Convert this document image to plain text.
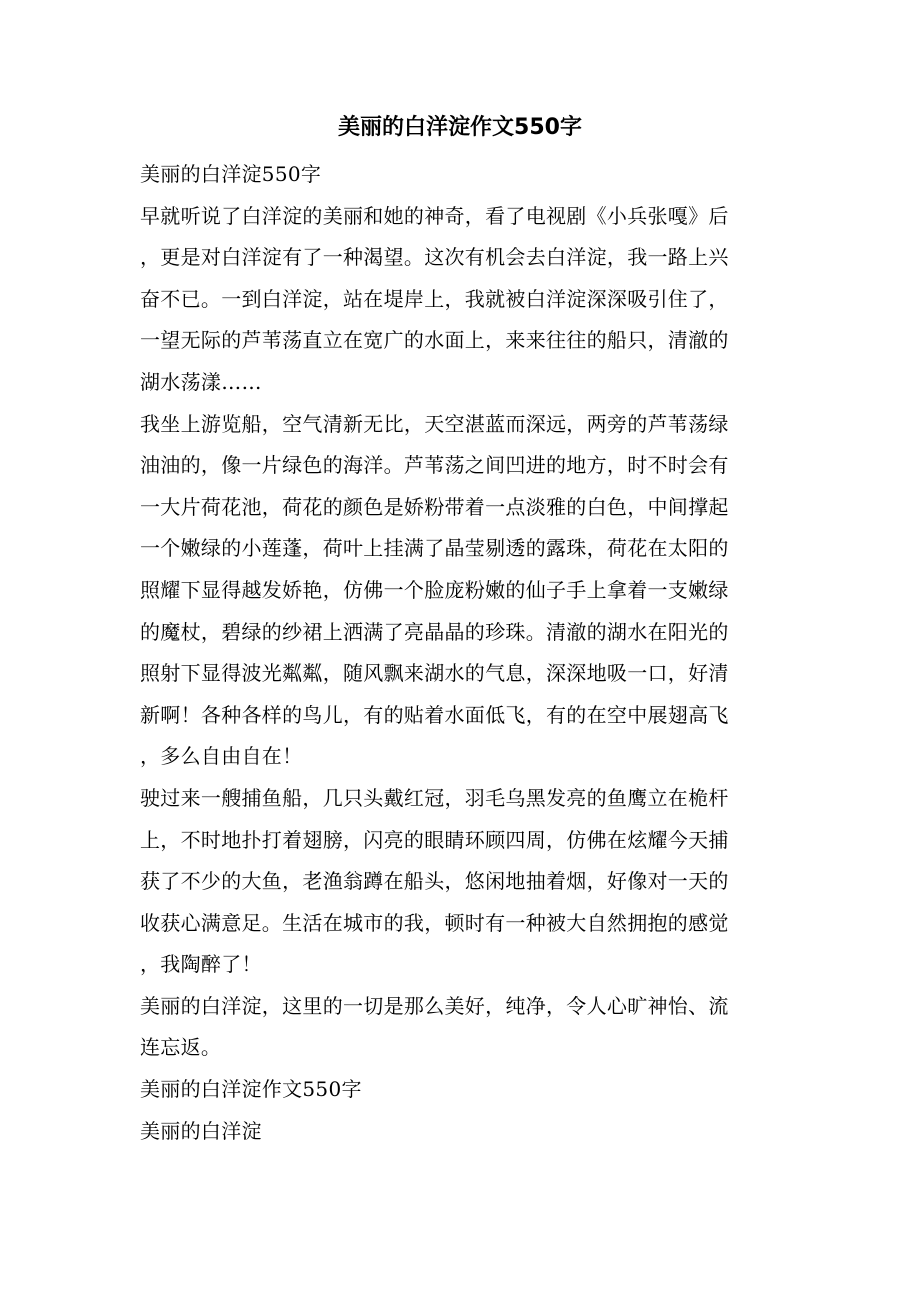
美丽的白洋淀作文550字

美丽的白洋淀550字

早就听说了白洋淀的美丽和她的神奇，看了电视剧《小兵张嘎》后
，更是对白洋淀有了一种渴望。这次有机会去白洋淀，我一路上兴
奋不已。一到白洋淀，站在堤岸上，我就被白洋淀深深吸引住了，
一望无际的芦苇荡直立在宽广的水面上，来来往往的船只，清澈的
湖水荡漾……

我坐上游览船，空气清新无比，天空湛蓝而深远，两旁的芦苇荡绿
油油的，像一片绿色的海洋。芦苇荡之间凹进的地方，时不时会有
一大片荷花池，荷花的颜色是娇粉带着一点淡雅的白色，中间撑起
一个嫩绿的小莲蓬，荷叶上挂满了晶莹剔透的露珠，荷花在太阳的
照耀下显得越发娇艳，仿佛一个脸庞粉嫩的仙子手上拿着一支嫩绿
的魔杖，碧绿的纱裙上洒满了亮晶晶的珍珠。清澈的湖水在阳光的
照射下显得波光粼粼，随风飘来湖水的气息，深深地吸一口，好清
新啊！各种各样的鸟儿，有的贴着水面低飞，有的在空中展翅高飞
，多么自由自在！

驶过来一艘捕鱼船，几只头戴红冠，羽毛乌黑发亮的鱼鹰立在桅杆
上，不时地扑打着翅膀，闪亮的眼睛环顾四周，仿佛在炫耀今天捕
获了不少的大鱼，老渔翁蹲在船头，悠闲地抽着烟，好像对一天的
收获心满意足。生活在城市的我，顿时有一种被大自然拥抱的感觉
，我陶醉了！

美丽的白洋淀，这里的一切是那么美好，纯净，令人心旷神怡、流
连忘返。

美丽的白洋淀作文550字

美丽的白洋淀
